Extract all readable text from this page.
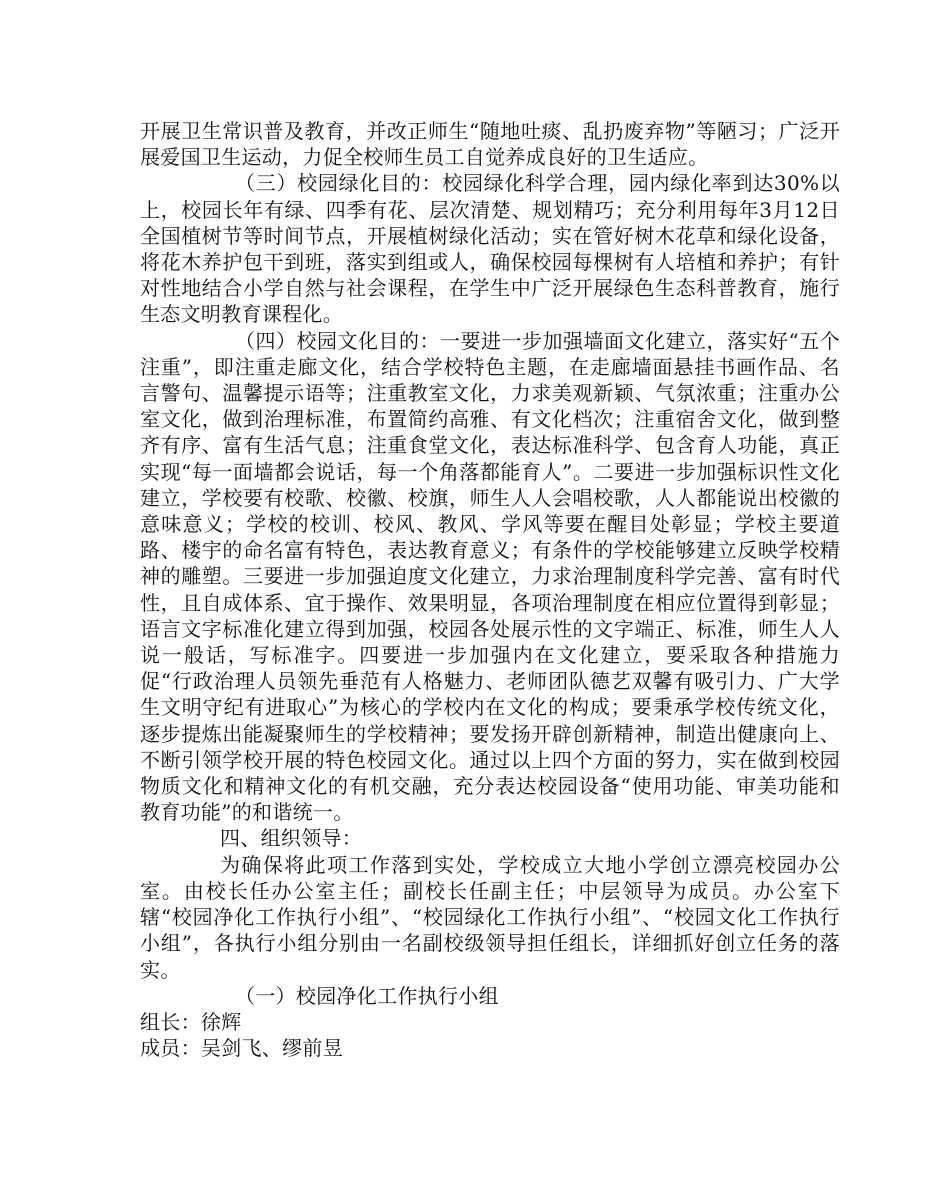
开展卫生常识普及教育，并改正师生“随地吐痰、乱扔废弃物”等陋习；广泛开展爱国卫生运动，力促全校师生员工自觉养成良好的卫生适应。

（三）校园绿化目的：校园绿化科学合理，园内绿化率到达30%以上，校园长年有绿、四季有花、层次清楚、规划精巧；充分利用每年3月12日全国植树节等时间节点，开展植树绿化活动；实在管好树木花草和绿化设备，将花木养护包干到班，落实到组或人，确保校园每棵树有人培植和养护；有针对性地结合小学自然与社会课程，在学生中广泛开展绿色生态科普教育，施行生态文明教育课程化。

（四）校园文化目的：一要进一步加强墙面文化建立，落实好“五个注重”，即注重走廊文化，结合学校特色主题，在走廊墙面悬挂书画作品、名言警句、温馨提示语等；注重教室文化，力求美观新颖、气氛浓重；注重办公室文化，做到治理标准，布置简约高雅、有文化档次；注重宿舍文化，做到整齐有序、富有生活气息；注重食堂文化，表达标准科学、包含育人功能，真正实现“每一面墙都会说话，每一个角落都能育人”。二要进一步加强标识性文化建立，学校要有校歌、校徽、校旗，师生人人会唱校歌，人人都能说出校徽的意味意义；学校的校训、校风、教风、学风等要在醒目处彰显；学校主要道路、楼宇的命名富有特色，表达教育意义；有条件的学校能够建立反映学校精神的雕塑。三要进一步加强迫度文化建立，力求治理制度科学完善、富有时代性，且自成体系、宜于操作、效果明显，各项治理制度在相应位置得到彰显；语言文字标准化建立得到加强，校园各处展示性的文字端正、标准，师生人人说一般话，写标准字。四要进一步加强内在文化建立，要采取各种措施力促“行政治理人员领先垂范有人格魅力、老师团队德艺双馨有吸引力、广大学生文明守纪有进取心”为核心的学校内在文化的构成；要秉承学校传统文化，逐步提炼出能凝聚师生的学校精神；要发扬开辟创新精神，制造出健康向上、不断引领学校开展的特色校园文化。通过以上四个方面的努力，实在做到校园物质文化和精神文化的有机交融，充分表达校园设备“使用功能、审美功能和教育功能”的和谐统一。

四、组织领导：

为确保将此项工作落到实处，学校成立大地小学创立漂亮校园办公室。由校长任办公室主任；副校长任副主任；中层领导为成员。办公室下辖“校园净化工作执行小组”、“校园绿化工作执行小组”、“校园文化工作执行小组”，各执行小组分别由一名副校级领导担任组长，详细抓好创立任务的落实。

（一）校园净化工作执行小组

组长：徐辉

成员：吴剑飞、缪前昱
